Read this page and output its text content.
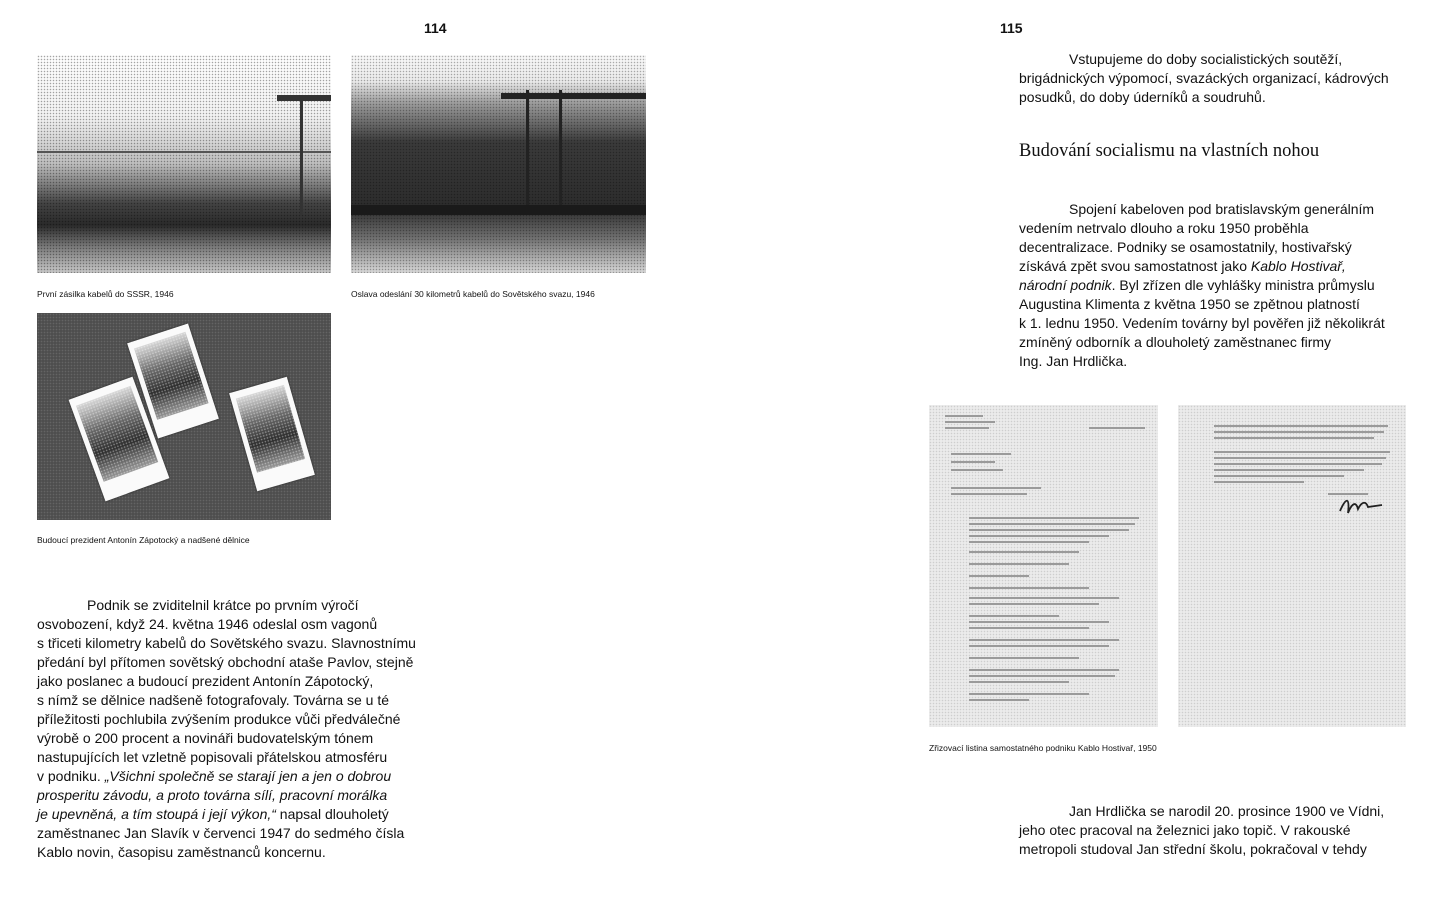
114
První zásilka kabelů do SSSR, 1946	Oslava odeslání 30 kilometrů kabelů do Sovětského svazu, 1946
Budoucí prezident Antonín Zápotocký a nadšené dělnice
Podnik se zviditelnil krátce po prvním výročí
osvobození, když 24. května 1946 odeslal osm vagonů
s třiceti kilometry kabelů do Sovětského svazu. Slavnostnímu
předání byl přítomen sovětský obchodní ataše Pavlov, stejně
jako poslanec a budoucí prezident Antonín Zápotocký,
s nímž se dělnice nadšeně fotografovaly. Továrna se u té
příležitosti pochlubila zvýšením produkce vůči předválečné
výrobě o 200 procent a novináři budovatelským tónem
nastupujících let vzletně popisovali přátelskou atmosféru
v podniku. „Všichni společně se starají jen a jen o dobrou
prosperitu závodu, a proto továrna sílí, pracovní morálka
je upevněná, a tím stoupá i její výkon,“ napsal dlouholetý
zaměstnanec Jan Slavík v červenci 1947 do sedmého čísla
Kablo novin, časopisu zaměstnanců koncernu.
115
Vstupujeme do doby socialistických soutěží,
brigádnických výpomocí, svazáckých organizací, kádrových
posudků, do doby úderníků a soudruhů.
Budování socialismu na vlastních nohou
Spojení kabeloven pod bratislavským generálním
vedením netrvalo dlouho a roku 1950 proběhla
decentralizace. Podniky se osamostatnily, hostivařský
získává zpět svou samostatnost jako Kablo Hostivař,
národní podnik. Byl zřízen dle vyhlášky ministra průmyslu
Augustina Klimenta z května 1950 se zpětnou platností
k 1. lednu 1950. Vedením továrny byl pověřen již několikrát
zmíněný odborník a dlouholetý zaměstnanec firmy
Ing. Jan Hrdlička.
Zřizovací listina samostatného podniku Kablo Hostivař, 1950
Jan Hrdlička se narodil 20. prosince 1900 ve Vídni,
jeho otec pracoval na železnici jako topič. V rakouské
metropoli studoval Jan střední školu, pokračoval v tehdy
